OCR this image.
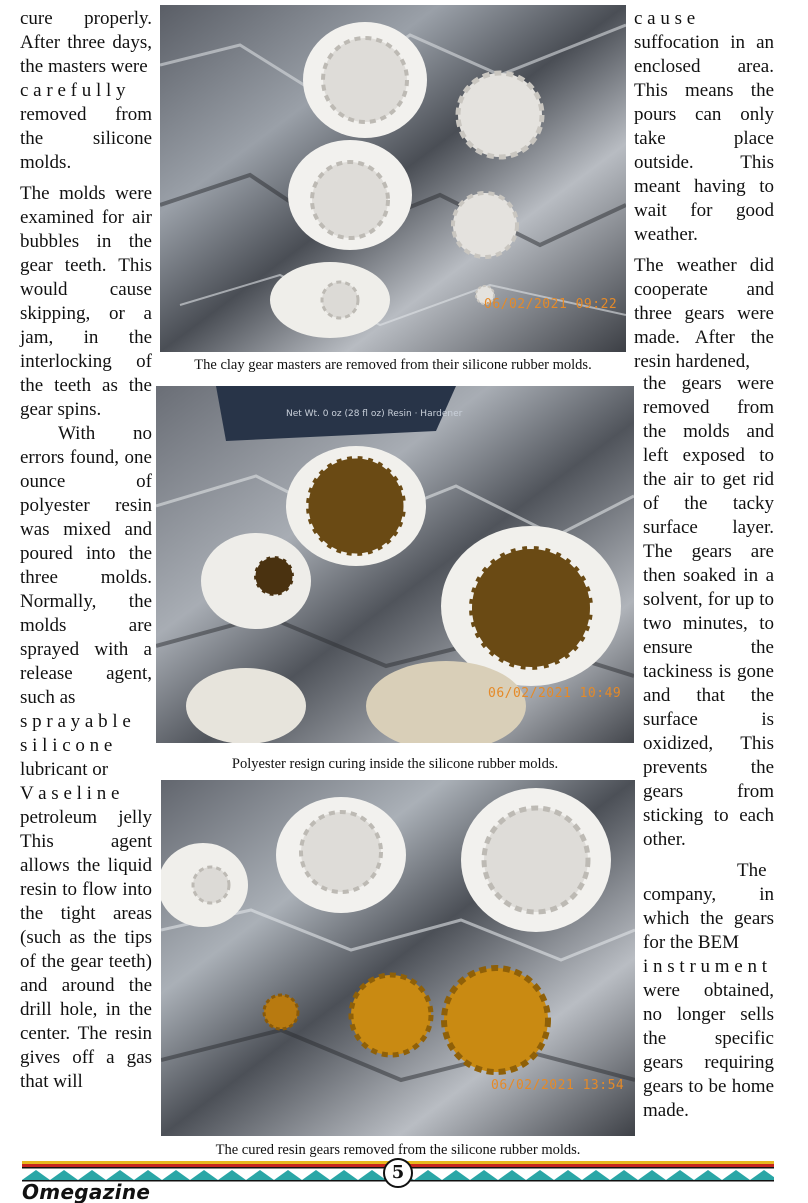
cure properly. After three days, the masters were

c a r e f u l l y

removed from the silicone molds.

The molds were examined for air bubbles in the gear teeth. This would cause skipping, or a jam, in the interlocking of the teeth as the gear spins.

With no errors found, one ounce of polyester resin was mixed and poured into the three molds. Normally, the molds are sprayed with a release agent, such as

s p r a y a b l e

s i l i c o n e

lubricant or

V a s e l i n e

petroleum jelly This agent allows the liquid resin to flow into the tight areas (such as the tips of the gear teeth) and around the drill hole, in the center. The resin gives off a gas that will

c a u s e

suffocation in an enclosed area. This means the pours can only take place outside. This meant having to wait for good weather.

The weather did cooperate and three gears were made. After the resin hardened,

the gears were removed from the molds and left exposed to the air to get rid of the tacky surface layer. The gears are then soaked in a solvent, for up to two minutes, to ensure the tackiness is gone and that the surface is oxidized, This prevents the gears from sticking to each other.

The company, in which the gears for the BEM

i n s t r u m e n t

were obtained, no longer sells the specific gears requiring gears to be home made.

06/02/2021 09:22
The clay gear masters are removed from their silicone rubber molds.
Net Wt. 0 oz (28 fl oz) Resin · Hardener
06/02/2021 10:49
Polyester resign curing inside the silicone rubber molds.
06/02/2021 13:54
The cured resin gears removed from the silicone rubber molds.
5
Omegazine
